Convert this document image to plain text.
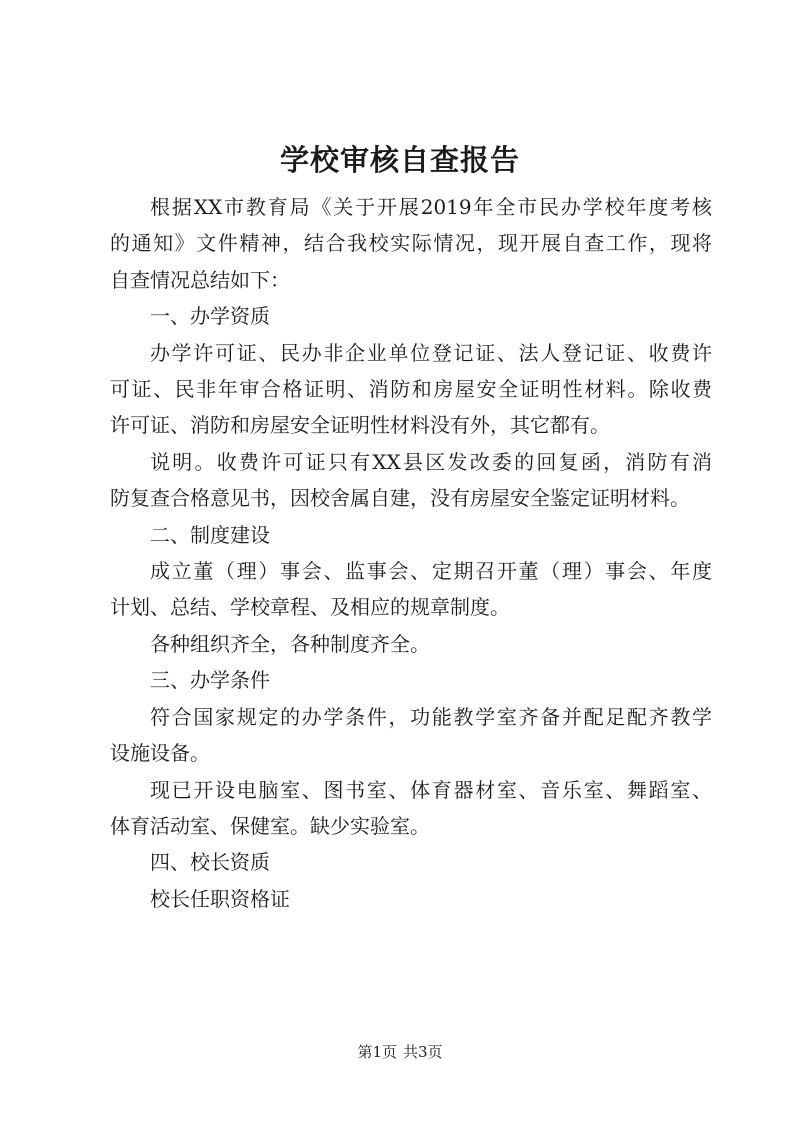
学校审核自查报告

根据XX市教育局《关于开展2019年全市民办学校年度考核
的通知》文件精神，结合我校实际情况，现开展自查工作，现将
自查情况总结如下：

一、办学资质

办学许可证、民办非企业单位登记证、法人登记证、收费许
可证、民非年审合格证明、消防和房屋安全证明性材料。除收费
许可证、消防和房屋安全证明性材料没有外，其它都有。

说明。收费许可证只有XX县区发改委的回复函，消防有消
防复查合格意见书，因校舍属自建，没有房屋安全鉴定证明材料。

二、制度建设

成立董（理）事会、监事会、定期召开董（理）事会、年度
计划、总结、学校章程、及相应的规章制度。

各种组织齐全，各种制度齐全。

三、办学条件

符合国家规定的办学条件，功能教学室齐备并配足配齐教学
设施设备。

现已开设电脑室、图书室、体育器材室、音乐室、舞蹈室、
体育活动室、保健室。缺少实验室。

四、校长资质

校长任职资格证

第1页 共3页
